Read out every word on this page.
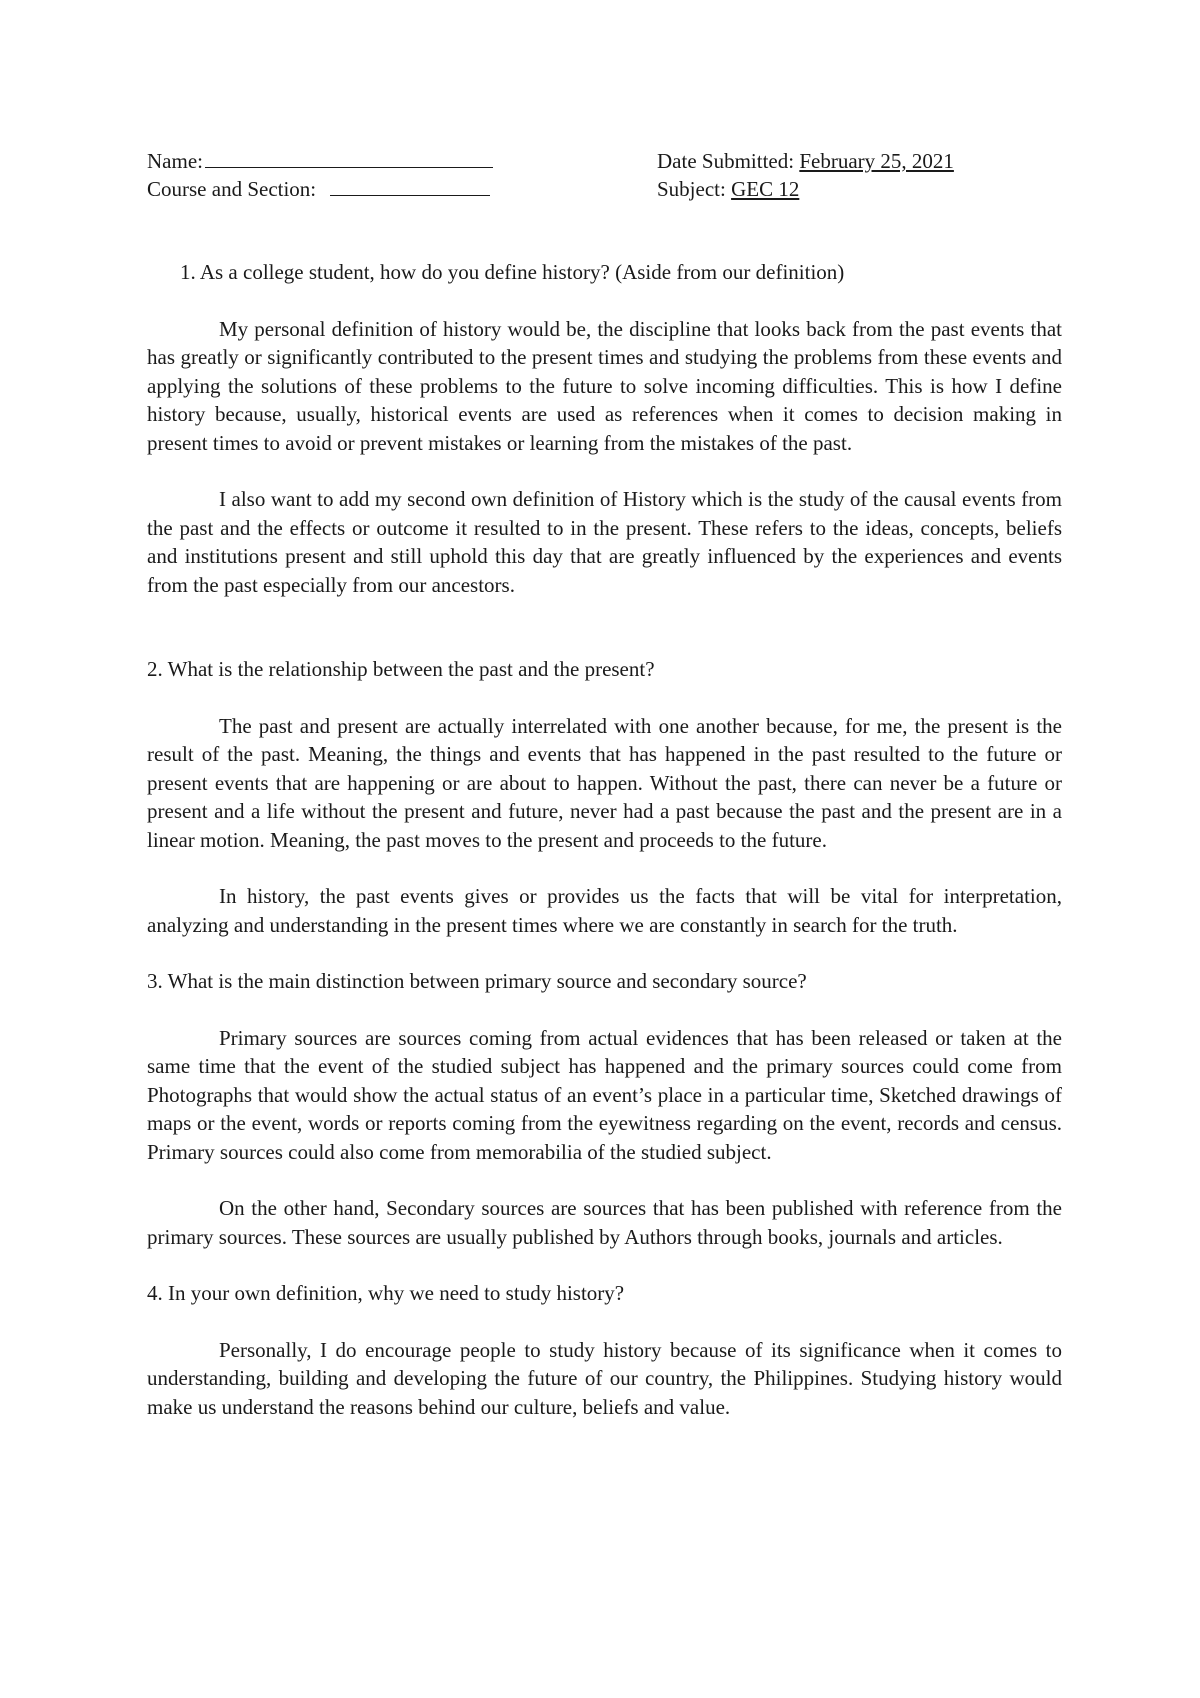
Name:	Date Submitted: February 25, 2021
Course and Section:	Subject: GEC 12

1. As a college student, how do you define history? (Aside from our definition)

My personal definition of history would be, the discipline that looks back from the past events that has greatly or significantly contributed to the present times and studying the problems from these events and applying the solutions of these problems to the future to solve incoming difficulties. This is how I define history because, usually, historical events are used as references when it comes to decision making in present times to avoid or prevent mistakes or learning from the mistakes of the past.

I also want to add my second own definition of History which is the study of the causal events from the past and the effects or outcome it resulted to in the present. These refers to the ideas, concepts, beliefs and institutions present and still uphold this day that are greatly influenced by the experiences and events from the past especially from our ancestors.

2. What is the relationship between the past and the present?

The past and present are actually interrelated with one another because, for me, the present is the result of the past. Meaning, the things and events that has happened in the past resulted to the future or present events that are happening or are about to happen. Without the past, there can never be a future or present and a life without the present and future, never had a past because the past and the present are in a linear motion. Meaning, the past moves to the present and proceeds to the future.

In history, the past events gives or provides us the facts that will be vital for interpretation, analyzing and understanding in the present times where we are constantly in search for the truth.

3. What is the main distinction between primary source and secondary source?

Primary sources are sources coming from actual evidences that has been released or taken at the same time that the event of the studied subject has happened and the primary sources could come from Photographs that would show the actual status of an event’s place in a particular time, Sketched drawings of maps or the event, words or reports coming from the eyewitness regarding on the event, records and census. Primary sources could also come from memorabilia of the studied subject.

On the other hand, Secondary sources are sources that has been published with reference from the primary sources. These sources are usually published by Authors through books, journals and articles.

4. In your own definition, why we need to study history?

Personally, I do encourage people to study history because of its significance when it comes to understanding, building and developing the future of our country, the Philippines. Studying history would make us understand the reasons behind our culture, beliefs and value.
